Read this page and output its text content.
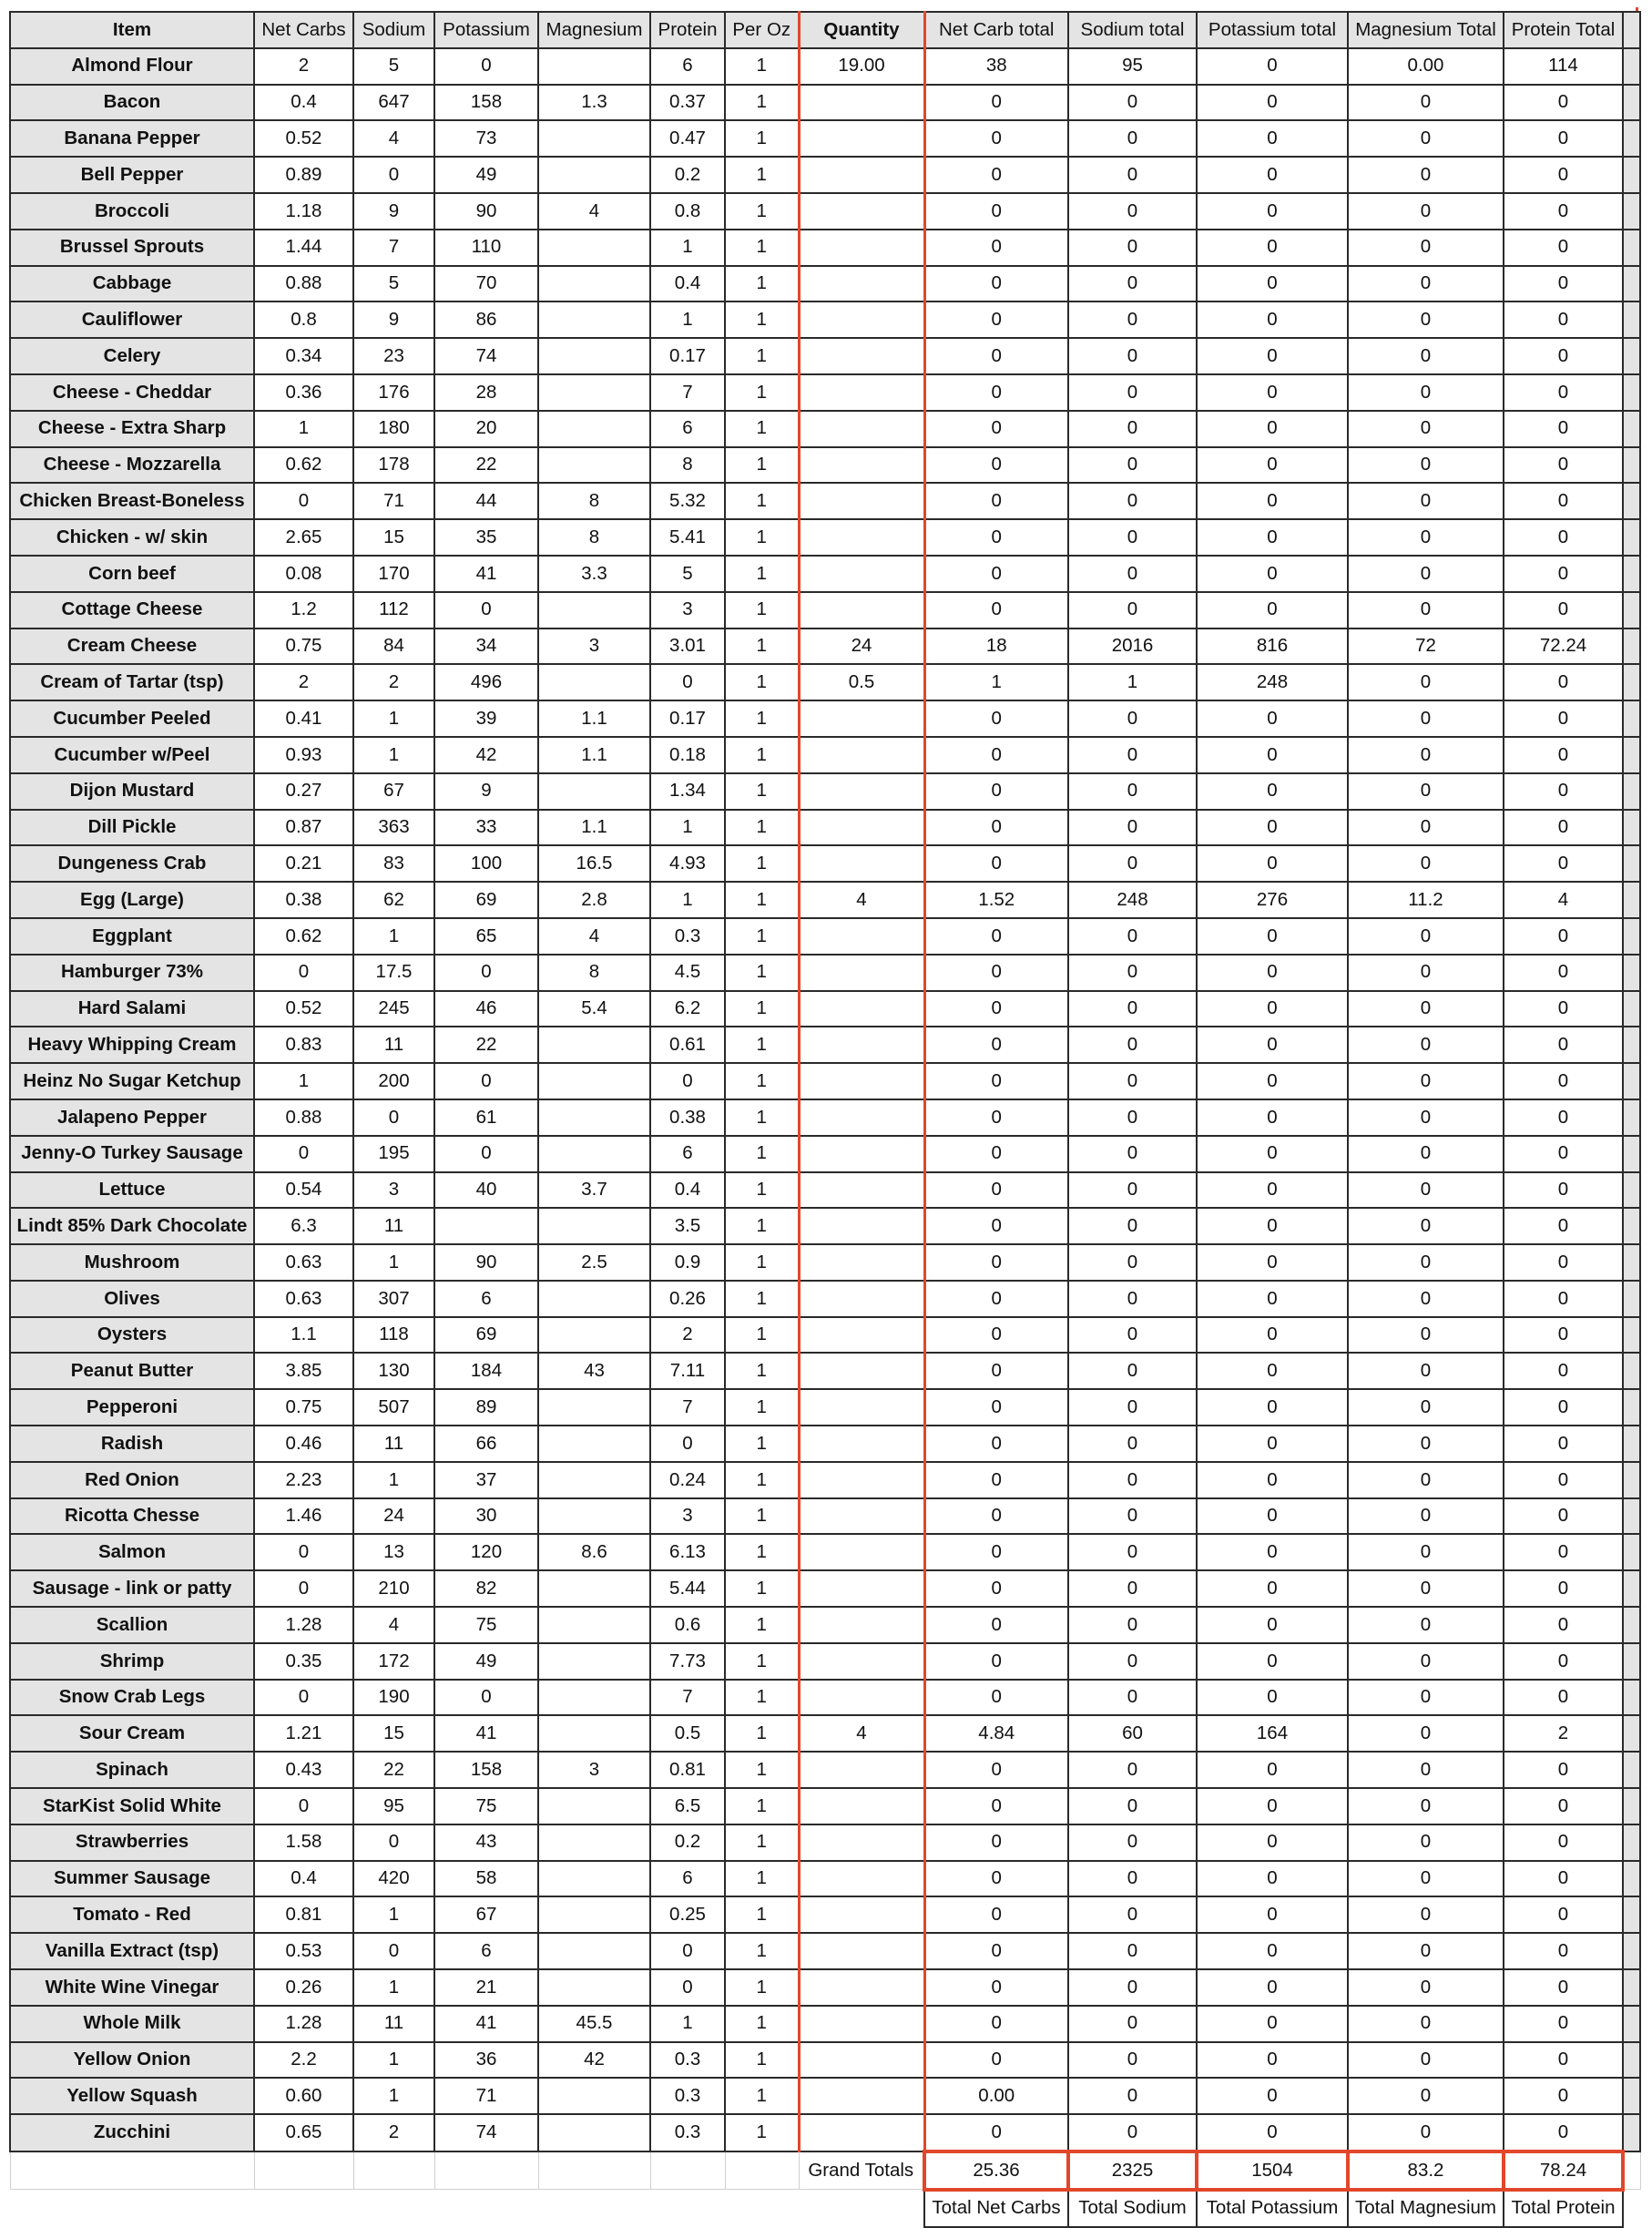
Item	Net Carbs	Sodium	Potassium	Magnesium	Protein	Per Oz	Quantity	Net Carb total	Sodium total	Potassium total	Magnesium Total	Protein Total	
Almond Flour	2	5	0		6	1	19.00	38	95	0	0.00	114	
Bacon	0.4	647	158	1.3	0.37	1		0	0	0	0	0	
Banana Pepper	0.52	4	73		0.47	1		0	0	0	0	0	
Bell Pepper	0.89	0	49		0.2	1		0	0	0	0	0	
Broccoli	1.18	9	90	4	0.8	1		0	0	0	0	0	
Brussel Sprouts	1.44	7	110		1	1		0	0	0	0	0	
Cabbage	0.88	5	70		0.4	1		0	0	0	0	0	
Cauliflower	0.8	9	86		1	1		0	0	0	0	0	
Celery	0.34	23	74		0.17	1		0	0	0	0	0	
Cheese - Cheddar	0.36	176	28		7	1		0	0	0	0	0	
Cheese - Extra Sharp	1	180	20		6	1		0	0	0	0	0	
Cheese - Mozzarella	0.62	178	22		8	1		0	0	0	0	0	
Chicken Breast-Boneless	0	71	44	8	5.32	1		0	0	0	0	0	
Chicken - w/ skin	2.65	15	35	8	5.41	1		0	0	0	0	0	
Corn beef	0.08	170	41	3.3	5	1		0	0	0	0	0	
Cottage Cheese	1.2	112	0		3	1		0	0	0	0	0	
Cream Cheese	0.75	84	34	3	3.01	1	24	18	2016	816	72	72.24	
Cream of Tartar (tsp)	2	2	496		0	1	0.5	1	1	248	0	0	
Cucumber Peeled	0.41	1	39	1.1	0.17	1		0	0	0	0	0	
Cucumber w/Peel	0.93	1	42	1.1	0.18	1		0	0	0	0	0	
Dijon Mustard	0.27	67	9		1.34	1		0	0	0	0	0	
Dill Pickle	0.87	363	33	1.1	1	1		0	0	0	0	0	
Dungeness Crab	0.21	83	100	16.5	4.93	1		0	0	0	0	0	
Egg (Large)	0.38	62	69	2.8	1	1	4	1.52	248	276	11.2	4	
Eggplant	0.62	1	65	4	0.3	1		0	0	0	0	0	
Hamburger 73%	0	17.5	0	8	4.5	1		0	0	0	0	0	
Hard Salami	0.52	245	46	5.4	6.2	1		0	0	0	0	0	
Heavy Whipping Cream	0.83	11	22		0.61	1		0	0	0	0	0	
Heinz No Sugar Ketchup	1	200	0		0	1		0	0	0	0	0	
Jalapeno Pepper	0.88	0	61		0.38	1		0	0	0	0	0	
Jenny-O Turkey Sausage	0	195	0		6	1		0	0	0	0	0	
Lettuce	0.54	3	40	3.7	0.4	1		0	0	0	0	0	
Lindt 85% Dark Chocolate	6.3	11			3.5	1		0	0	0	0	0	
Mushroom	0.63	1	90	2.5	0.9	1		0	0	0	0	0	
Olives	0.63	307	6		0.26	1		0	0	0	0	0	
Oysters	1.1	118	69		2	1		0	0	0	0	0	
Peanut Butter	3.85	130	184	43	7.11	1		0	0	0	0	0	
Pepperoni	0.75	507	89		7	1		0	0	0	0	0	
Radish	0.46	11	66		0	1		0	0	0	0	0	
Red Onion	2.23	1	37		0.24	1		0	0	0	0	0	
Ricotta Chesse	1.46	24	30		3	1		0	0	0	0	0	
Salmon	0	13	120	8.6	6.13	1		0	0	0	0	0	
Sausage - link or patty	0	210	82		5.44	1		0	0	0	0	0	
Scallion	1.28	4	75		0.6	1		0	0	0	0	0	
Shrimp	0.35	172	49		7.73	1		0	0	0	0	0	
Snow Crab Legs	0	190	0		7	1		0	0	0	0	0	
Sour Cream	1.21	15	41		0.5	1	4	4.84	60	164	0	2	
Spinach	0.43	22	158	3	0.81	1		0	0	0	0	0	
StarKist Solid White	0	95	75		6.5	1		0	0	0	0	0	
Strawberries	1.58	0	43		0.2	1		0	0	0	0	0	
Summer Sausage	0.4	420	58		6	1		0	0	0	0	0	
Tomato - Red	0.81	1	67		0.25	1		0	0	0	0	0	
Vanilla Extract (tsp)	0.53	0	6		0	1		0	0	0	0	0	
White Wine Vinegar	0.26	1	21		0	1		0	0	0	0	0	
Whole Milk	1.28	11	41	45.5	1	1		0	0	0	0	0	
Yellow Onion	2.2	1	36	42	0.3	1		0	0	0	0	0	
Yellow Squash	0.60	1	71		0.3	1		0.00	0	0	0	0	
Zucchini	0.65	2	74		0.3	1		0	0	0	0	0	
							Grand Totals	25.36	2325	1504	83.2	78.24	
								Total Net Carbs	Total Sodium	Total Potassium	Total Magnesium	Total Protein	
